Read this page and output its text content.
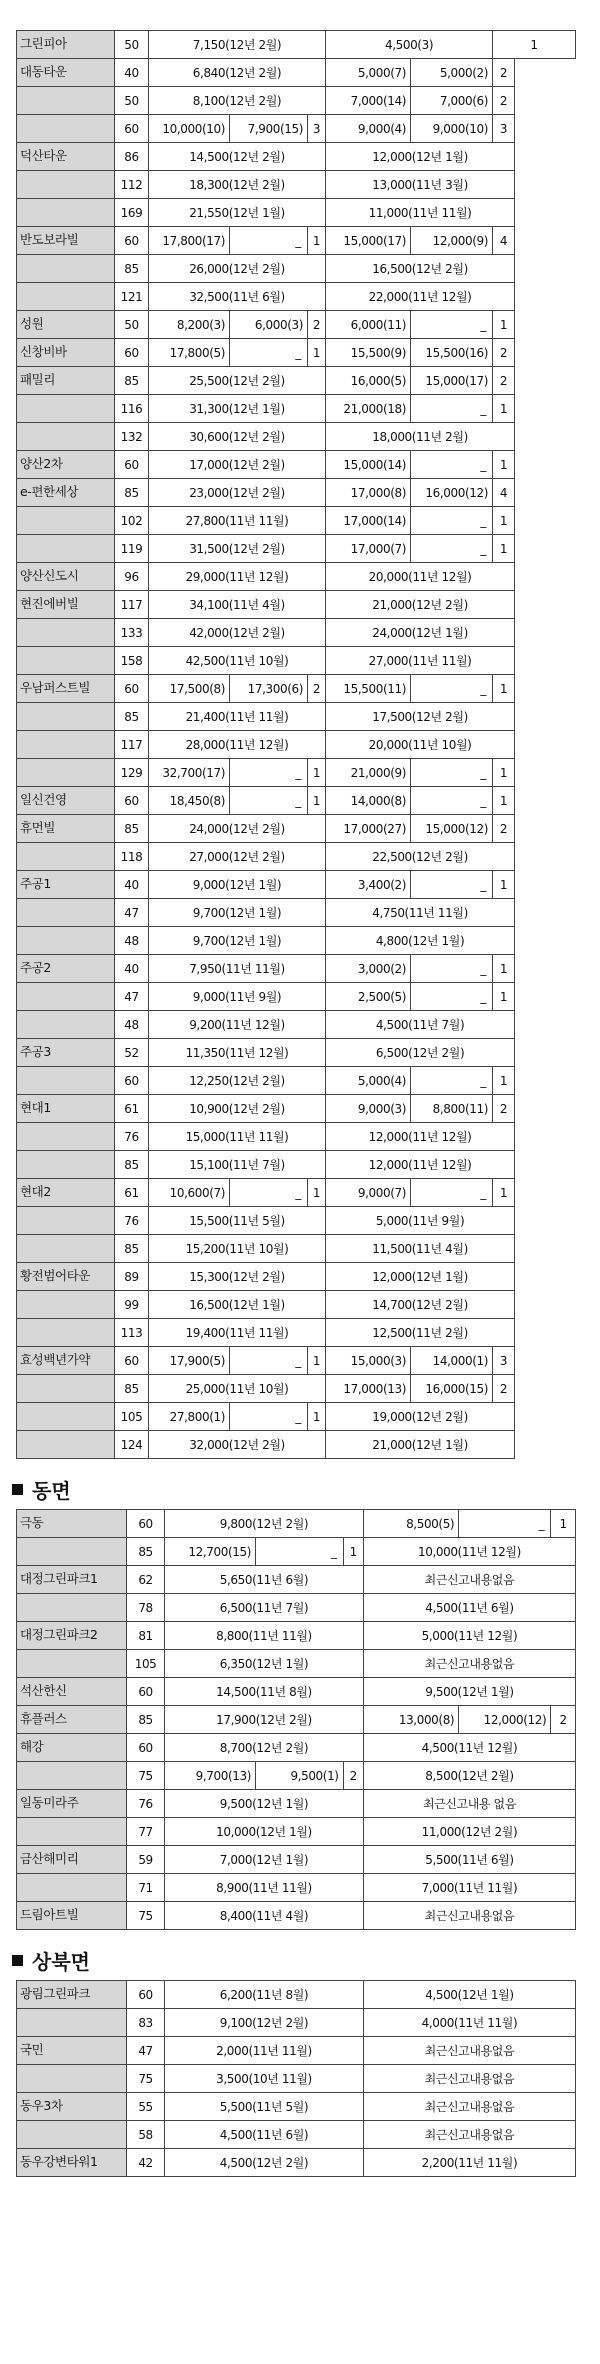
그린피아	50	7,150(12년 2월)			4,500(3)		1
대동타운	40	6,840(12년 2월)			5,000(7)	5,000(2)	2
	50	8,100(12년 2월)			7,000(14)	7,000(6)	2
	60	10,000(10)	7,900(15)	3	9,000(4)	9,000(10)	3
덕산타운	86	14,500(12년 2월)			12,000(12년 1월)		
	112	18,300(12년 2월)			13,000(11년 3월)		
	169	21,550(12년 1월)			11,000(11년 11월)		
반도보라빌	60	17,800(17)	_	1	15,000(17)	12,000(9)	4
	85	26,000(12년 2월)			16,500(12년 2월)		
	121	32,500(11년 6월)			22,000(11년 12월)		
성원	50	8,200(3)	6,000(3)	2	6,000(11)	_	1
신창비바	60	17,800(5)	_	1	15,500(9)	15,500(16)	2
패밀리	85	25,500(12년 2월)			16,000(5)	15,000(17)	2
	116	31,300(12년 1월)			21,000(18)	_	1
	132	30,600(12년 2월)			18,000(11년 2월)		
양산2차	60	17,000(12년 2월)			15,000(14)	_	1
e-편한세상	85	23,000(12년 2월)			17,000(8)	16,000(12)	4
	102	27,800(11년 11월)			17,000(14)	_	1
	119	31,500(12년 2월)			17,000(7)	_	1
양산신도시	96	29,000(11년 12월)			20,000(11년 12월)		
현진에버빌	117	34,100(11년 4월)			21,000(12년 2월)		
	133	42,000(12년 2월)			24,000(12년 1월)		
	158	42,500(11년 10월)			27,000(11년 11월)		
우남퍼스트빌	60	17,500(8)	17,300(6)	2	15,500(11)	_	1
	85	21,400(11년 11월)			17,500(12년 2월)		
	117	28,000(11년 12월)			20,000(11년 10월)		
	129	32,700(17)	_	1	21,000(9)	_	1
일신건영	60	18,450(8)	_	1	14,000(8)	_	1
휴먼빌	85	24,000(12년 2월)			17,000(27)	15,000(12)	2
	118	27,000(12년 2월)			22,500(12년 2월)		
주공1	40	9,000(12년 1월)			3,400(2)	_	1
	47	9,700(12년 1월)			4,750(11년 11월)		
	48	9,700(12년 1월)			4,800(12년 1월)		
주공2	40	7,950(11년 11월)			3,000(2)	_	1
	47	9,000(11년 9월)			2,500(5)	_	1
	48	9,200(11년 12월)			4,500(11년 7월)		
주공3	52	11,350(11년 12월)			6,500(12년 2월)		
	60	12,250(12년 2월)			5,000(4)	_	1
현대1	61	10,900(12년 2월)			9,000(3)	8,800(11)	2
	76	15,000(11년 11월)			12,000(11년 12월)		
	85	15,100(11년 7월)			12,000(11년 12월)		
현대2	61	10,600(7)	_	1	9,000(7)	_	1
	76	15,500(11년 5월)			5,000(11년 9월)		
	85	15,200(11년 10월)			11,500(11년 4월)		
황전범어타운	89	15,300(12년 2월)			12,000(12년 1월)		
	99	16,500(12년 1월)			14,700(12년 2월)		
	113	19,400(11년 11월)			12,500(11년 2월)		
효성백년가약	60	17,900(5)	_	1	15,000(3)	14,000(1)	3
	85	25,000(11년 10월)			17,000(13)	16,000(15)	2
	105	27,800(1)	_	1	19,000(12년 2월)		
	124	32,000(12년 2월)			21,000(12년 1월)		
동면
극동	60	9,800(12년 2월)			8,500(5)	_	1
	85	12,700(15)	_	1	10,000(11년 12월)		
대정그린파크1	62	5,650(11년 6월)			최근신고내용없음		
	78	6,500(11년 7월)			4,500(11년 6월)		
대정그린파크2	81	8,800(11년 11월)			5,000(11년 12월)		
	105	6,350(12년 1월)			최근신고내용없음		
석산한신	60	14,500(11년 8월)			9,500(12년 1월)		
휴플러스	85	17,900(12년 2월)			13,000(8)	12,000(12)	2
해강	60	8,700(12년 2월)			4,500(11년 12월)		
	75	9,700(13)	9,500(1)	2	8,500(12년 2월)		
일동미라주	76	9,500(12년 1월)			최근신고내용 없음		
	77	10,000(12년 1월)			11,000(12년 2월)		
금산해미리	59	7,000(12년 1월)			5,500(11년 6월)		
	71	8,900(11년 11월)			7,000(11년 11월)		
드림아트빌	75	8,400(11년 4월)			최근신고내용없음		
상북면
광림그린파크	60	6,200(11년 8월)	4,500(12년 1월)
	83	9,100(12년 2월)	4,000(11년 11월)
국민	47	2,000(11년 11월)	최근신고내용없음
	75	3,500(10년 11월)	최근신고내용없음
동우3차	55	5,500(11년 5월)	최근신고내용없음
	58	4,500(11년 6월)	최근신고내용없음
동우강변타워1	42	4,500(12년 2월)	2,200(11년 11월)
